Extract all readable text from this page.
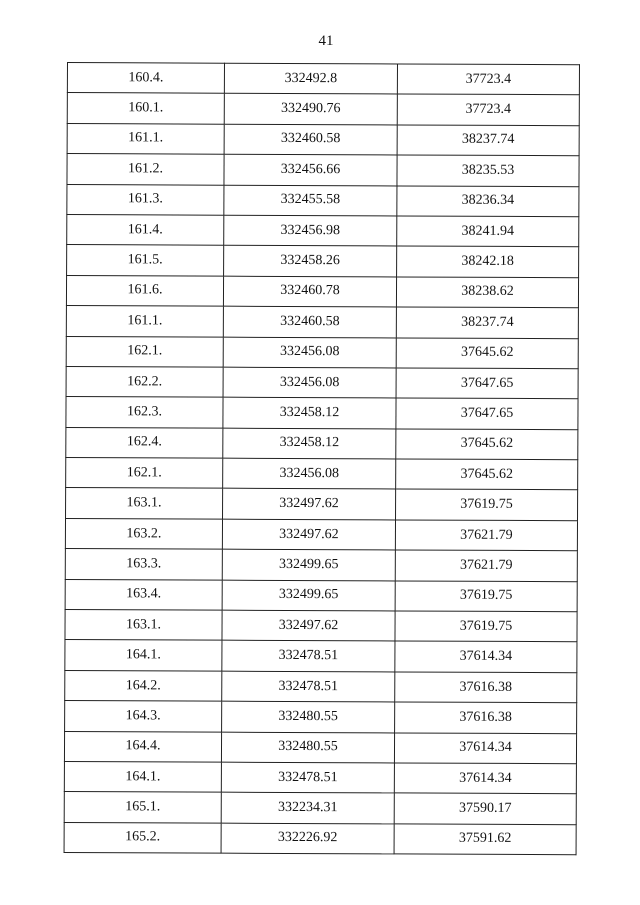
41
160.4.	332492.8	37723.4
160.1.	332490.76	37723.4
161.1.	332460.58	38237.74
161.2.	332456.66	38235.53
161.3.	332455.58	38236.34
161.4.	332456.98	38241.94
161.5.	332458.26	38242.18
161.6.	332460.78	38238.62
161.1.	332460.58	38237.74
162.1.	332456.08	37645.62
162.2.	332456.08	37647.65
162.3.	332458.12	37647.65
162.4.	332458.12	37645.62
162.1.	332456.08	37645.62
163.1.	332497.62	37619.75
163.2.	332497.62	37621.79
163.3.	332499.65	37621.79
163.4.	332499.65	37619.75
163.1.	332497.62	37619.75
164.1.	332478.51	37614.34
164.2.	332478.51	37616.38
164.3.	332480.55	37616.38
164.4.	332480.55	37614.34
164.1.	332478.51	37614.34
165.1.	332234.31	37590.17
165.2.	332226.92	37591.62
